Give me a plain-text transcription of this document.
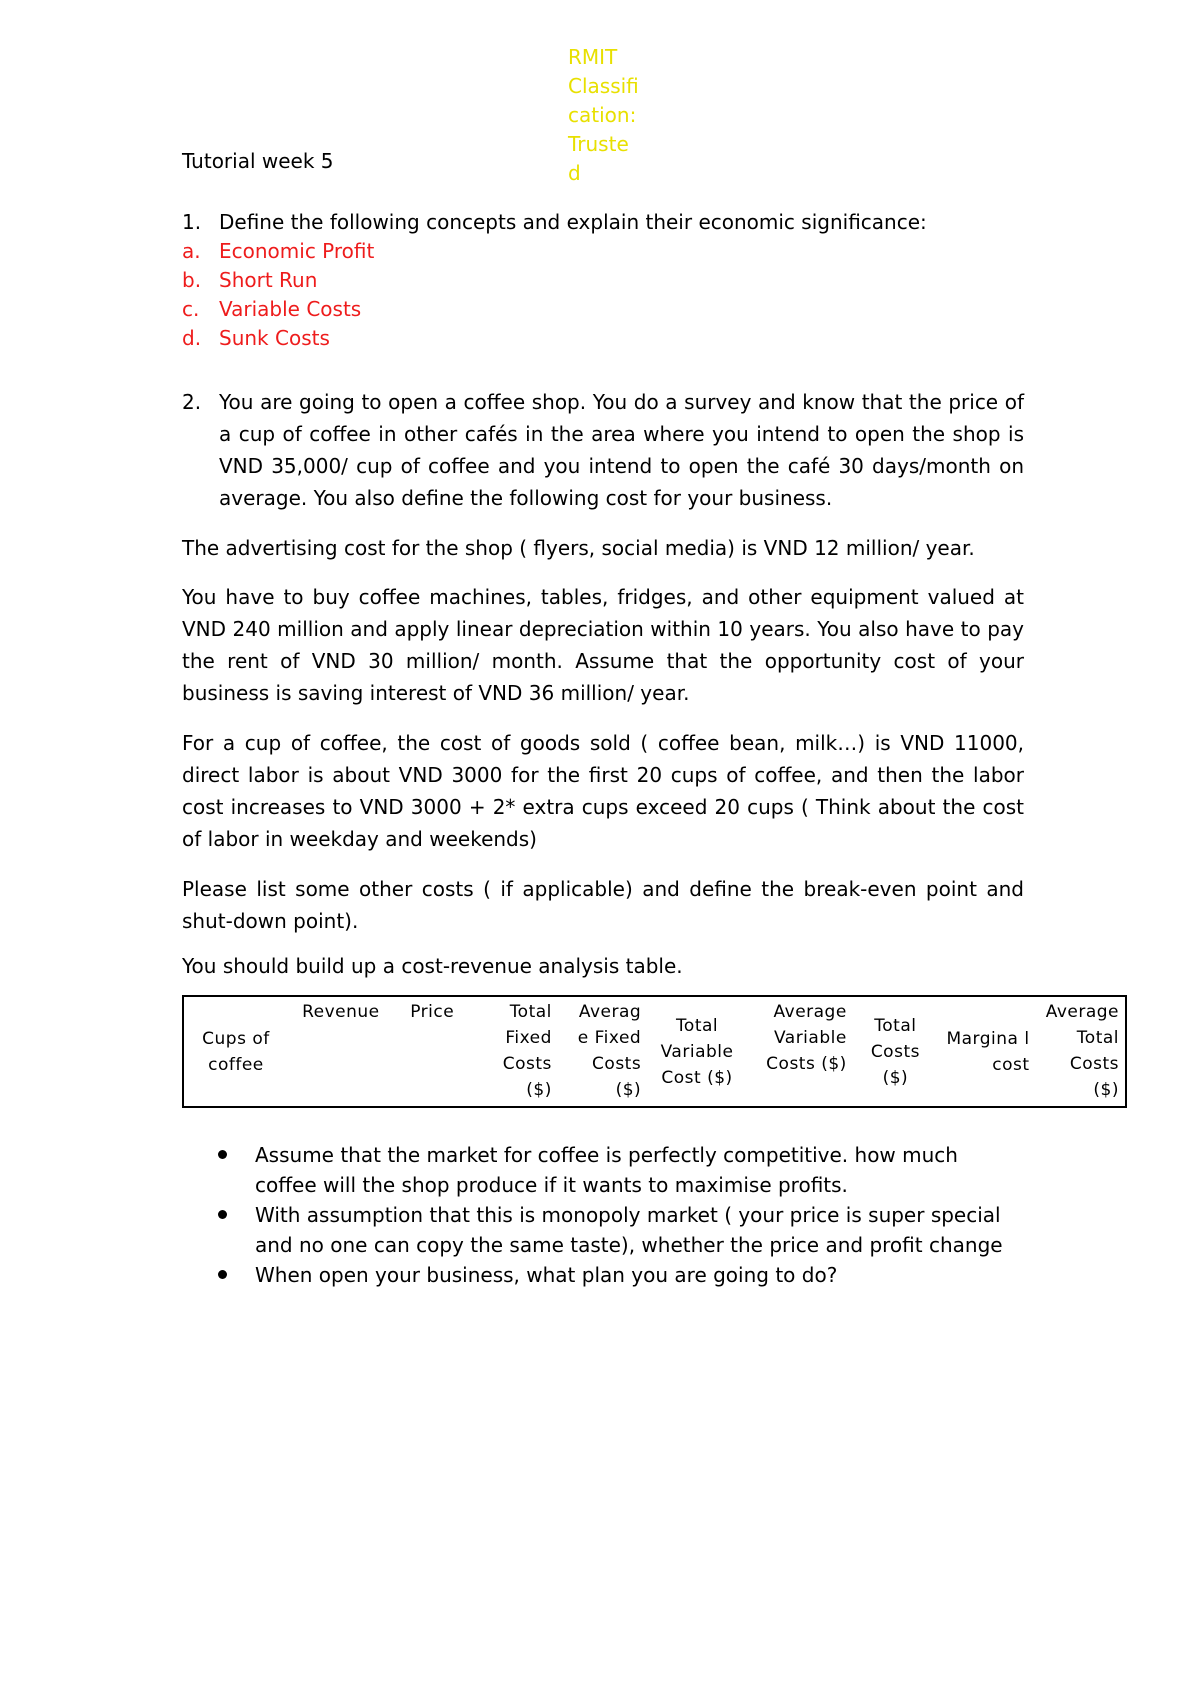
RMIT
Classifi
cation:
Truste
d
Tutorial week 5
1. Define the following concepts and explain their economic significance:
a. Economic Profit
b. Short Run
c. Variable Costs
d. Sunk Costs
2. You are going to open a coffee shop. You do a survey and know that the price of a cup of coffee in other cafés in the area where you intend to open the shop is VND 35,000/ cup of coffee and you intend to open the café 30 days/month on average. You also define the following cost for your business.

The advertising cost for the shop ( flyers, social media) is VND 12 million/ year.

You have to buy coffee machines, tables, fridges, and other equipment valued at VND 240 million and apply linear depreciation within 10 years. You also have to pay the rent of VND 30 million/ month. Assume that the opportunity cost of your business is saving interest of VND 36 million/ year.

For a cup of coffee, the cost of goods sold ( coffee bean, milk…) is VND 11000, direct labor is about VND 3000 for the first 20 cups of coffee, and then the labor cost increases to VND 3000 + 2* extra cups exceed 20 cups ( Think about the cost of labor in weekday and weekends)

Please list some other costs ( if applicable) and define the break-even point and shut-down point).

You should build up a cost-revenue analysis table.

Cups of coffee	Revenue	Price	Total Fixed Costs ($)	Averag e Fixed Costs ($)	Total Variable Cost ($)	Average Variable Costs ($)	Total Costs ($)	Margina l cost	Average Total Costs ($)
Assume that the market for coffee is perfectly competitive. how much coffee will the shop produce if it wants to maximise profits.
With assumption that this is monopoly market ( your price is super special and no one can copy the same taste), whether the price and profit change
When open your business, what plan you are going to do?
